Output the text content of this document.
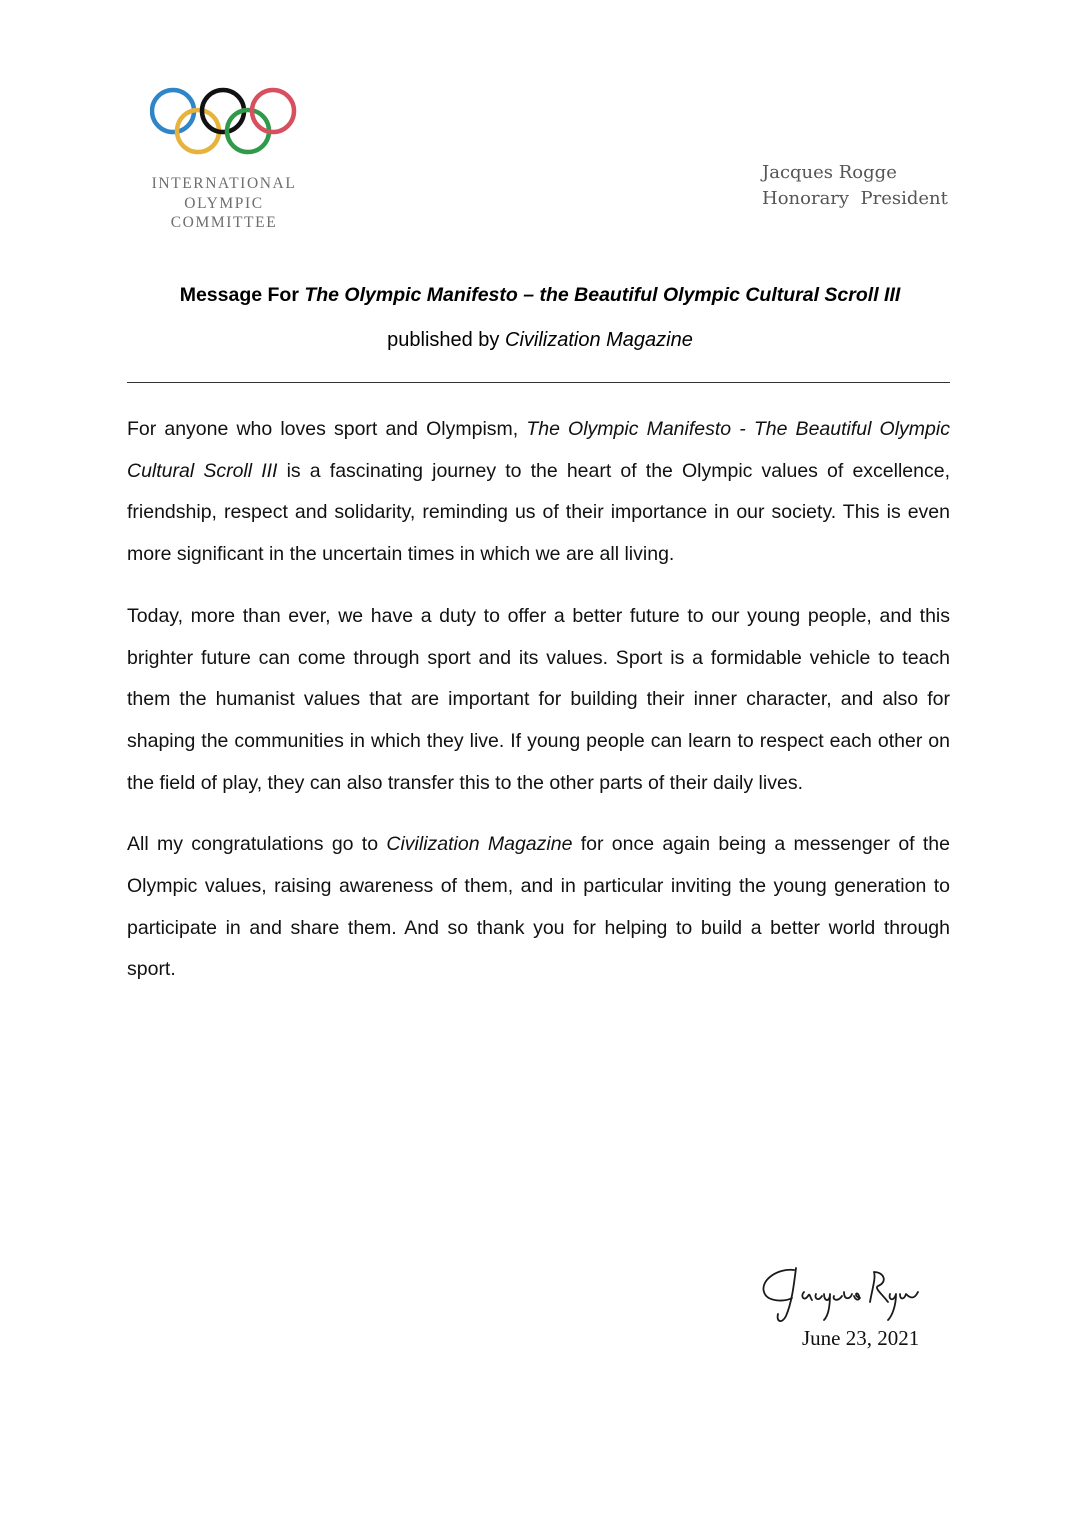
INTERNATIONAL
OLYMPIC
COMMITTEE
Jacques Rogge
Honorary  President
Message For The Olympic Manifesto – the Beautiful Olympic Cultural Scroll III
published by Civilization Magazine

For anyone who loves sport and Olympism, The Olympic Manifesto - The Beautiful Olympic Cultural Scroll III is a fascinating journey to the heart of the Olympic values of excellence, friendship, respect and solidarity, reminding us of their importance in our society. This is even more significant in the uncertain times in which we are all living.

Today, more than ever, we have a duty to offer a better future to our young people, and this brighter future can come through sport and its values. Sport is a formidable vehicle to teach them the humanist values that are important for building their inner character, and also for shaping the communities in which they live. If young people can learn to respect each other on the field of play, they can also transfer this to the other parts of their daily lives.

All my congratulations go to Civilization Magazine for once again being a messenger of the Olympic values, raising awareness of them, and in particular inviting the young generation to participate in and share them. And so thank you for helping to build a better world through sport.

June 23, 2021
